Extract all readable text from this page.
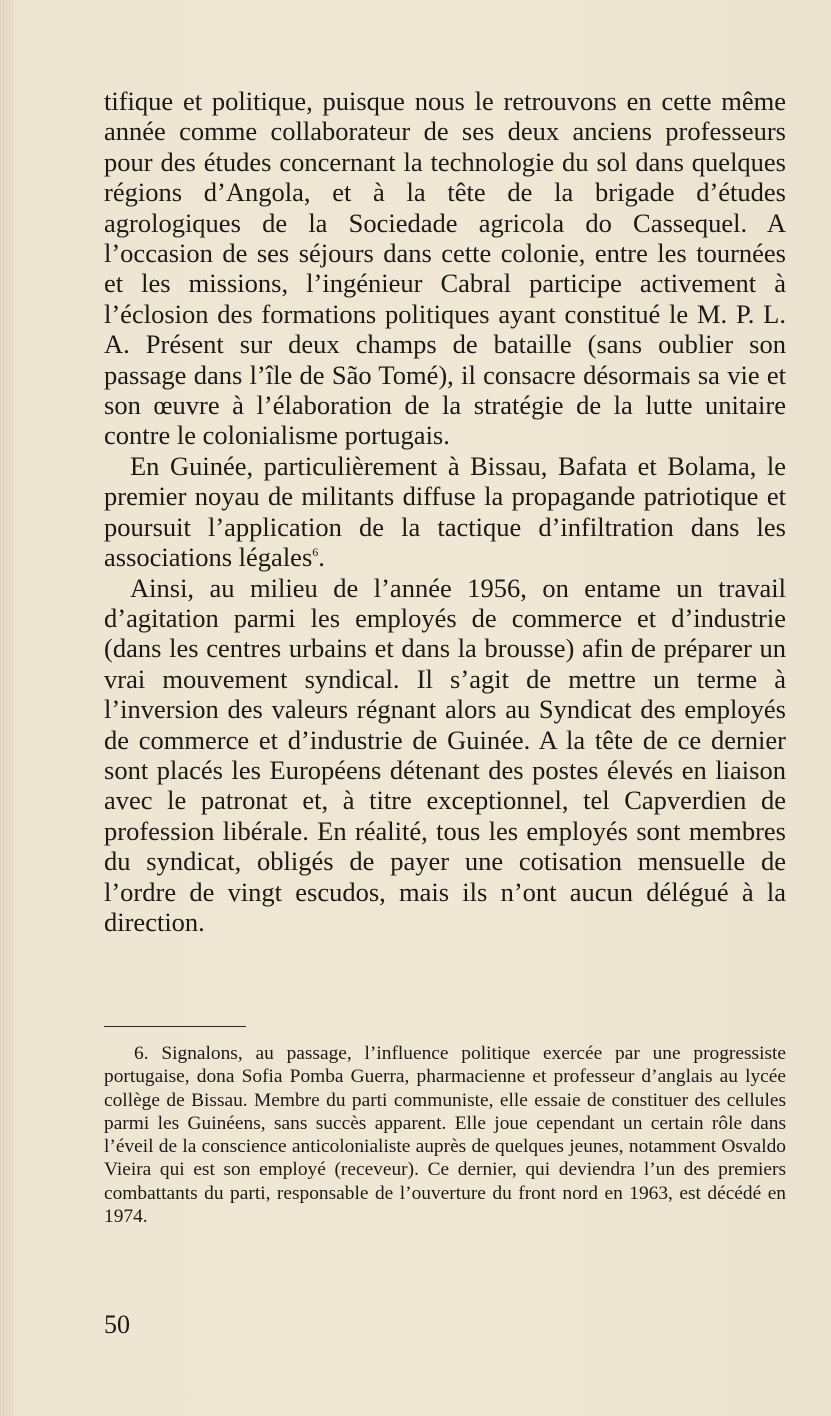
tifique et politique, puisque nous le retrouvons en cette même année comme collaborateur de ses deux anciens professeurs pour des études concernant la technologie du sol dans quelques régions d’Angola, et à la tête de la brigade d’études agrologiques de la Sociedade agricola do Cassequel. A l’occasion de ses séjours dans cette colonie, entre les tournées et les missions, l’ingénieur Cabral participe activement à l’éclosion des formations politiques ayant constitué le M. P. L. A. Présent sur deux champs de bataille (sans oublier son passage dans l’île de São Tomé), il consacre désormais sa vie et son œuvre à l’élaboration de la stratégie de la lutte unitaire contre le colonialisme portugais.

En Guinée, particulièrement à Bissau, Bafata et Bolama, le premier noyau de militants diffuse la propagande patriotique et poursuit l’application de la tactique d’infiltration dans les associations légales$^6$.

Ainsi, au milieu de l’année 1956, on entame un travail d’agitation parmi les employés de commerce et d’industrie (dans les centres urbains et dans la brousse) afin de préparer un vrai mouvement syndical. Il s’agit de mettre un terme à l’inversion des valeurs régnant alors au Syndicat des employés de commerce et d’industrie de Guinée. A la tête de ce dernier sont placés les Européens détenant des postes élevés en liaison avec le patronat et, à titre exceptionnel, tel Capverdien de profession libérale. En réalité, tous les employés sont membres du syndicat, obligés de payer une cotisation mensuelle de l’ordre de vingt escudos, mais ils n’ont aucun délégué à la direction.

6. Signalons, au passage, l’influence politique exercée par une progressiste portugaise, dona Sofia Pomba Guerra, pharmacienne et professeur d’anglais au lycée collège de Bissau. Membre du parti communiste, elle essaie de constituer des cellules parmi les Guinéens, sans succès apparent. Elle joue cependant un certain rôle dans l’éveil de la conscience anticolonialiste auprès de quelques jeunes, notamment Osvaldo Vieira qui est son employé (receveur). Ce dernier, qui deviendra l’un des premiers combattants du parti, responsable de l’ouverture du front nord en 1963, est décédé en 1974.

50
